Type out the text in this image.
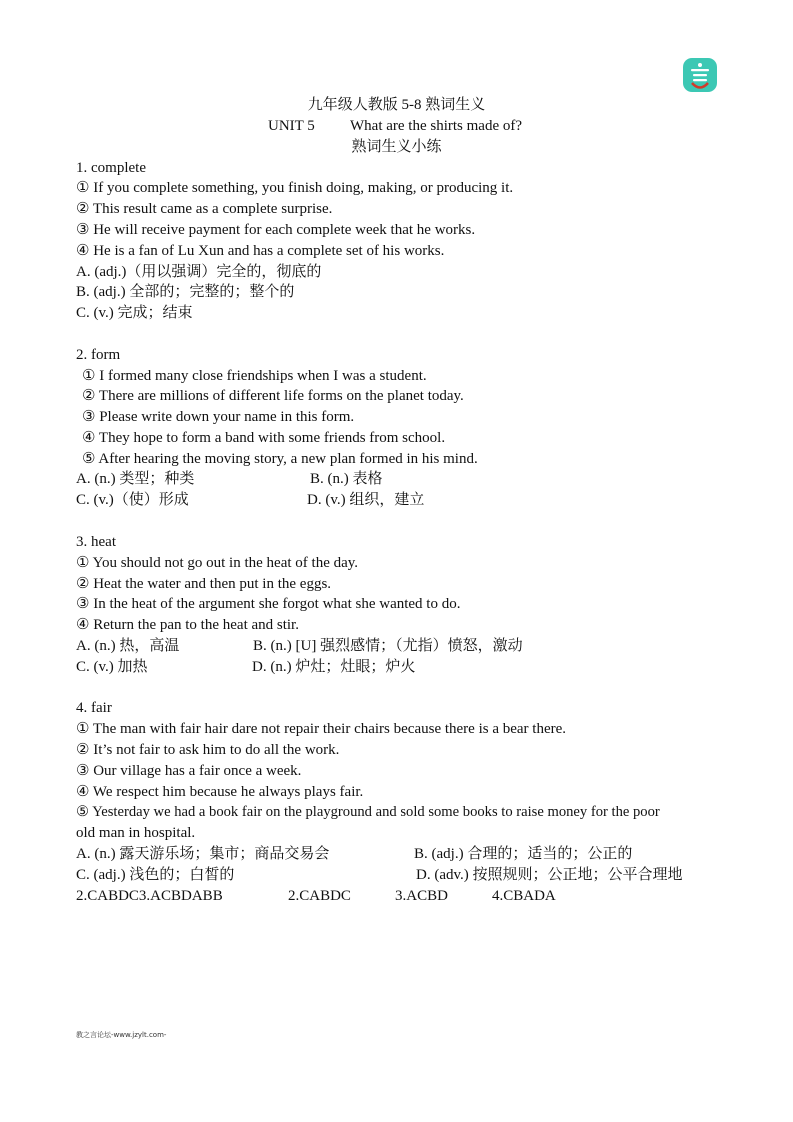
九年级人教版 5-8 熟词生义
UNIT 5 What are the shirts made of?
熟词生义小练
1. complete
① If you complete something, you finish doing, making, or producing it.
② This result came as a complete surprise.
③ He will receive payment for each complete week that he works.
④ He is a fan of Lu Xun and has a complete set of his works.
A. (adj.)（用以强调）完全的，彻底的
B. (adj.) 全部的；完整的；整个的
C. (v.) 完成；结束
2. form
① I formed many close friendships when I was a student.
② There are millions of different life forms on the planet today.
③ Please write down your name in this form.
④ They hope to form a band with some friends from school.
⑤ After hearing the moving story, a new plan formed in his mind.
A. (n.) 类型；种类	B. (n.) 表格
C. (v.)（使）形成	D. (v.) 组织，建立
3. heat
① You should not go out in the heat of the day.
② Heat the water and then put in the eggs.
③ In the heat of the argument she forgot what she wanted to do.
④ Return the pan to the heat and stir.
A. (n.) 热，高温	B. (n.) [U] 强烈感情；（尤指）愤怒，激动
C. (v.) 加热	D. (n.) 炉灶；灶眼；炉火
4. fair
① The man with fair hair dare not repair their chairs because there is a bear there.
② It’s not fair to ask him to do all the work.
③ Our village has a fair once a week.
④ We respect him because he always plays fair.
⑤ Yesterday we had a book fair on the playground and sold some books to raise money for the poor
old man in hospital.
A. (n.) 露天游乐场；集市；商品交易会	B. (adj.) 合理的；适当的；公正的
C. (adj.) 浅色的；白皙的	D. (adv.) 按照规则；公正地；公平合理地
2.CABDC3.ACBDABB	2.CABDC	3.ACBD	4.CBADA
教之言论坛-www.jzylt.com-
